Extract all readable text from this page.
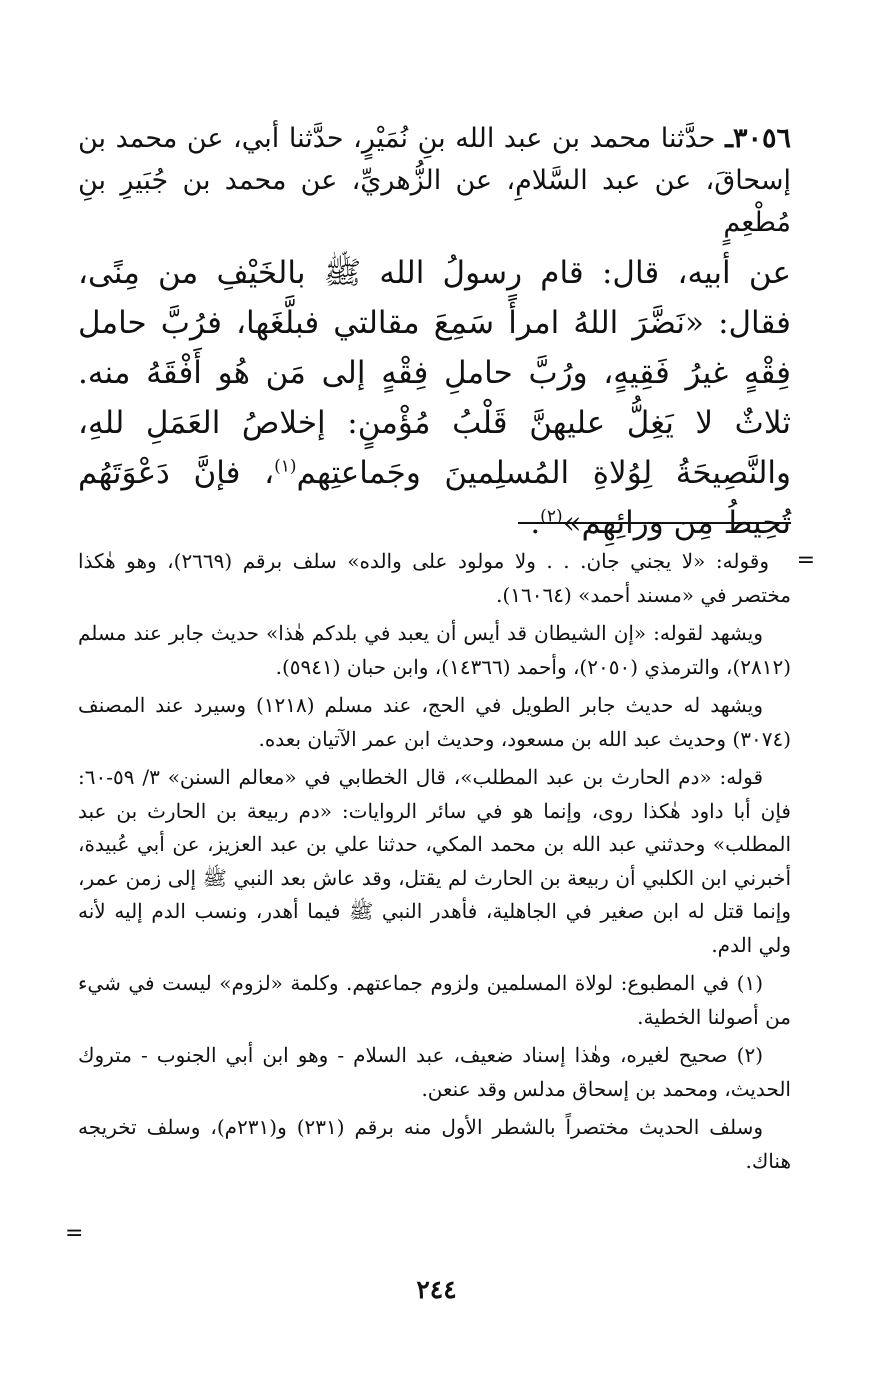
٣٠٥٦ـ حدَّثنا محمد بن عبد الله بنِ نُمَيْرٍ، حدَّثنا أبي، عن محمد بن إسحاقَ، عن عبد السَّلامِ، عن الزُّهريِّ، عن محمد بن جُبَيرِ بنِ مُطْعِمٍ
عن أبيه، قال: قام رسولُ الله ﷺ بالخَيْفِ من مِنًى، فقال: «نَضَّرَ اللهُ امرأً سَمِعَ مقالتي فبلَّغَها، فرُبَّ حامل فِقْهٍ غيرُ فَقِيهٍ، ورُبَّ حاملِ فِقْهٍ إلى مَن هُو أَفْقَهُ منه. ثلاثٌ لا يَغِلُّ عليهنَّ قَلْبُ مُؤْمنٍ: إخلاصُ العَمَلِ للهِ، والنَّصِيحَةُ لِوُلاةِ المُسلِمينَ وجَماعتِهم$^{(١)}$، فإنَّ دَعْوَتَهُم تُحِيطُ مِن ورائِهِم»$^{(٢)}$.
=

وقوله: «لا يجني جان. . . ولا مولود على والده» سلف برقم (٢٦٦٩)، وهو هٰكذا مختصر في «مسند أحمد» (١٦٠٦٤).

ويشهد لقوله: «إن الشيطان قد أيس أن يعبد في بلدكم هٰذا» حديث جابر عند مسلم (٢٨١٢)، والترمذي (٢٠٥٠)، وأحمد (١٤٣٦٦)، وابن حبان (٥٩٤١).

ويشهد له حديث جابر الطويل في الحج، عند مسلم (١٢١٨) وسيرد عند المصنف (٣٠٧٤) وحديث عبد الله بن مسعود، وحديث ابن عمر الآتيان بعده.

قوله: «دم الحارث بن عبد المطلب»، قال الخطابي في «معالم السنن» ٣/ ٥٩-٦٠: فإن أبا داود هٰكذا روى، وإنما هو في سائر الروايات: «دم ربيعة بن الحارث بن عبد المطلب» وحدثني عبد الله بن محمد المكي، حدثنا علي بن عبد العزيز، عن أبي عُبيدة، أخبرني ابن الكلبي أن ربيعة بن الحارث لم يقتل، وقد عاش بعد النبي ﷺ إلى زمن عمر، وإنما قتل له ابن صغير في الجاهلية، فأهدر النبي ﷺ فيما أهدر، ونسب الدم إليه لأنه ولي الدم.

(١) في المطبوع: لولاة المسلمين ولزوم جماعتهم. وكلمة «لزوم» ليست في شيء من أصولنا الخطية.

(٢) صحيح لغيره، وهٰذا إسناد ضعيف، عبد السلام - وهو ابن أبي الجنوب - متروك الحديث، ومحمد بن إسحاق مدلس وقد عنعن.

وسلف الحديث مختصراً بالشطر الأول منه برقم (٢٣١) و(٢٣١م)، وسلف تخريجه هناك.

=
٢٤٤
